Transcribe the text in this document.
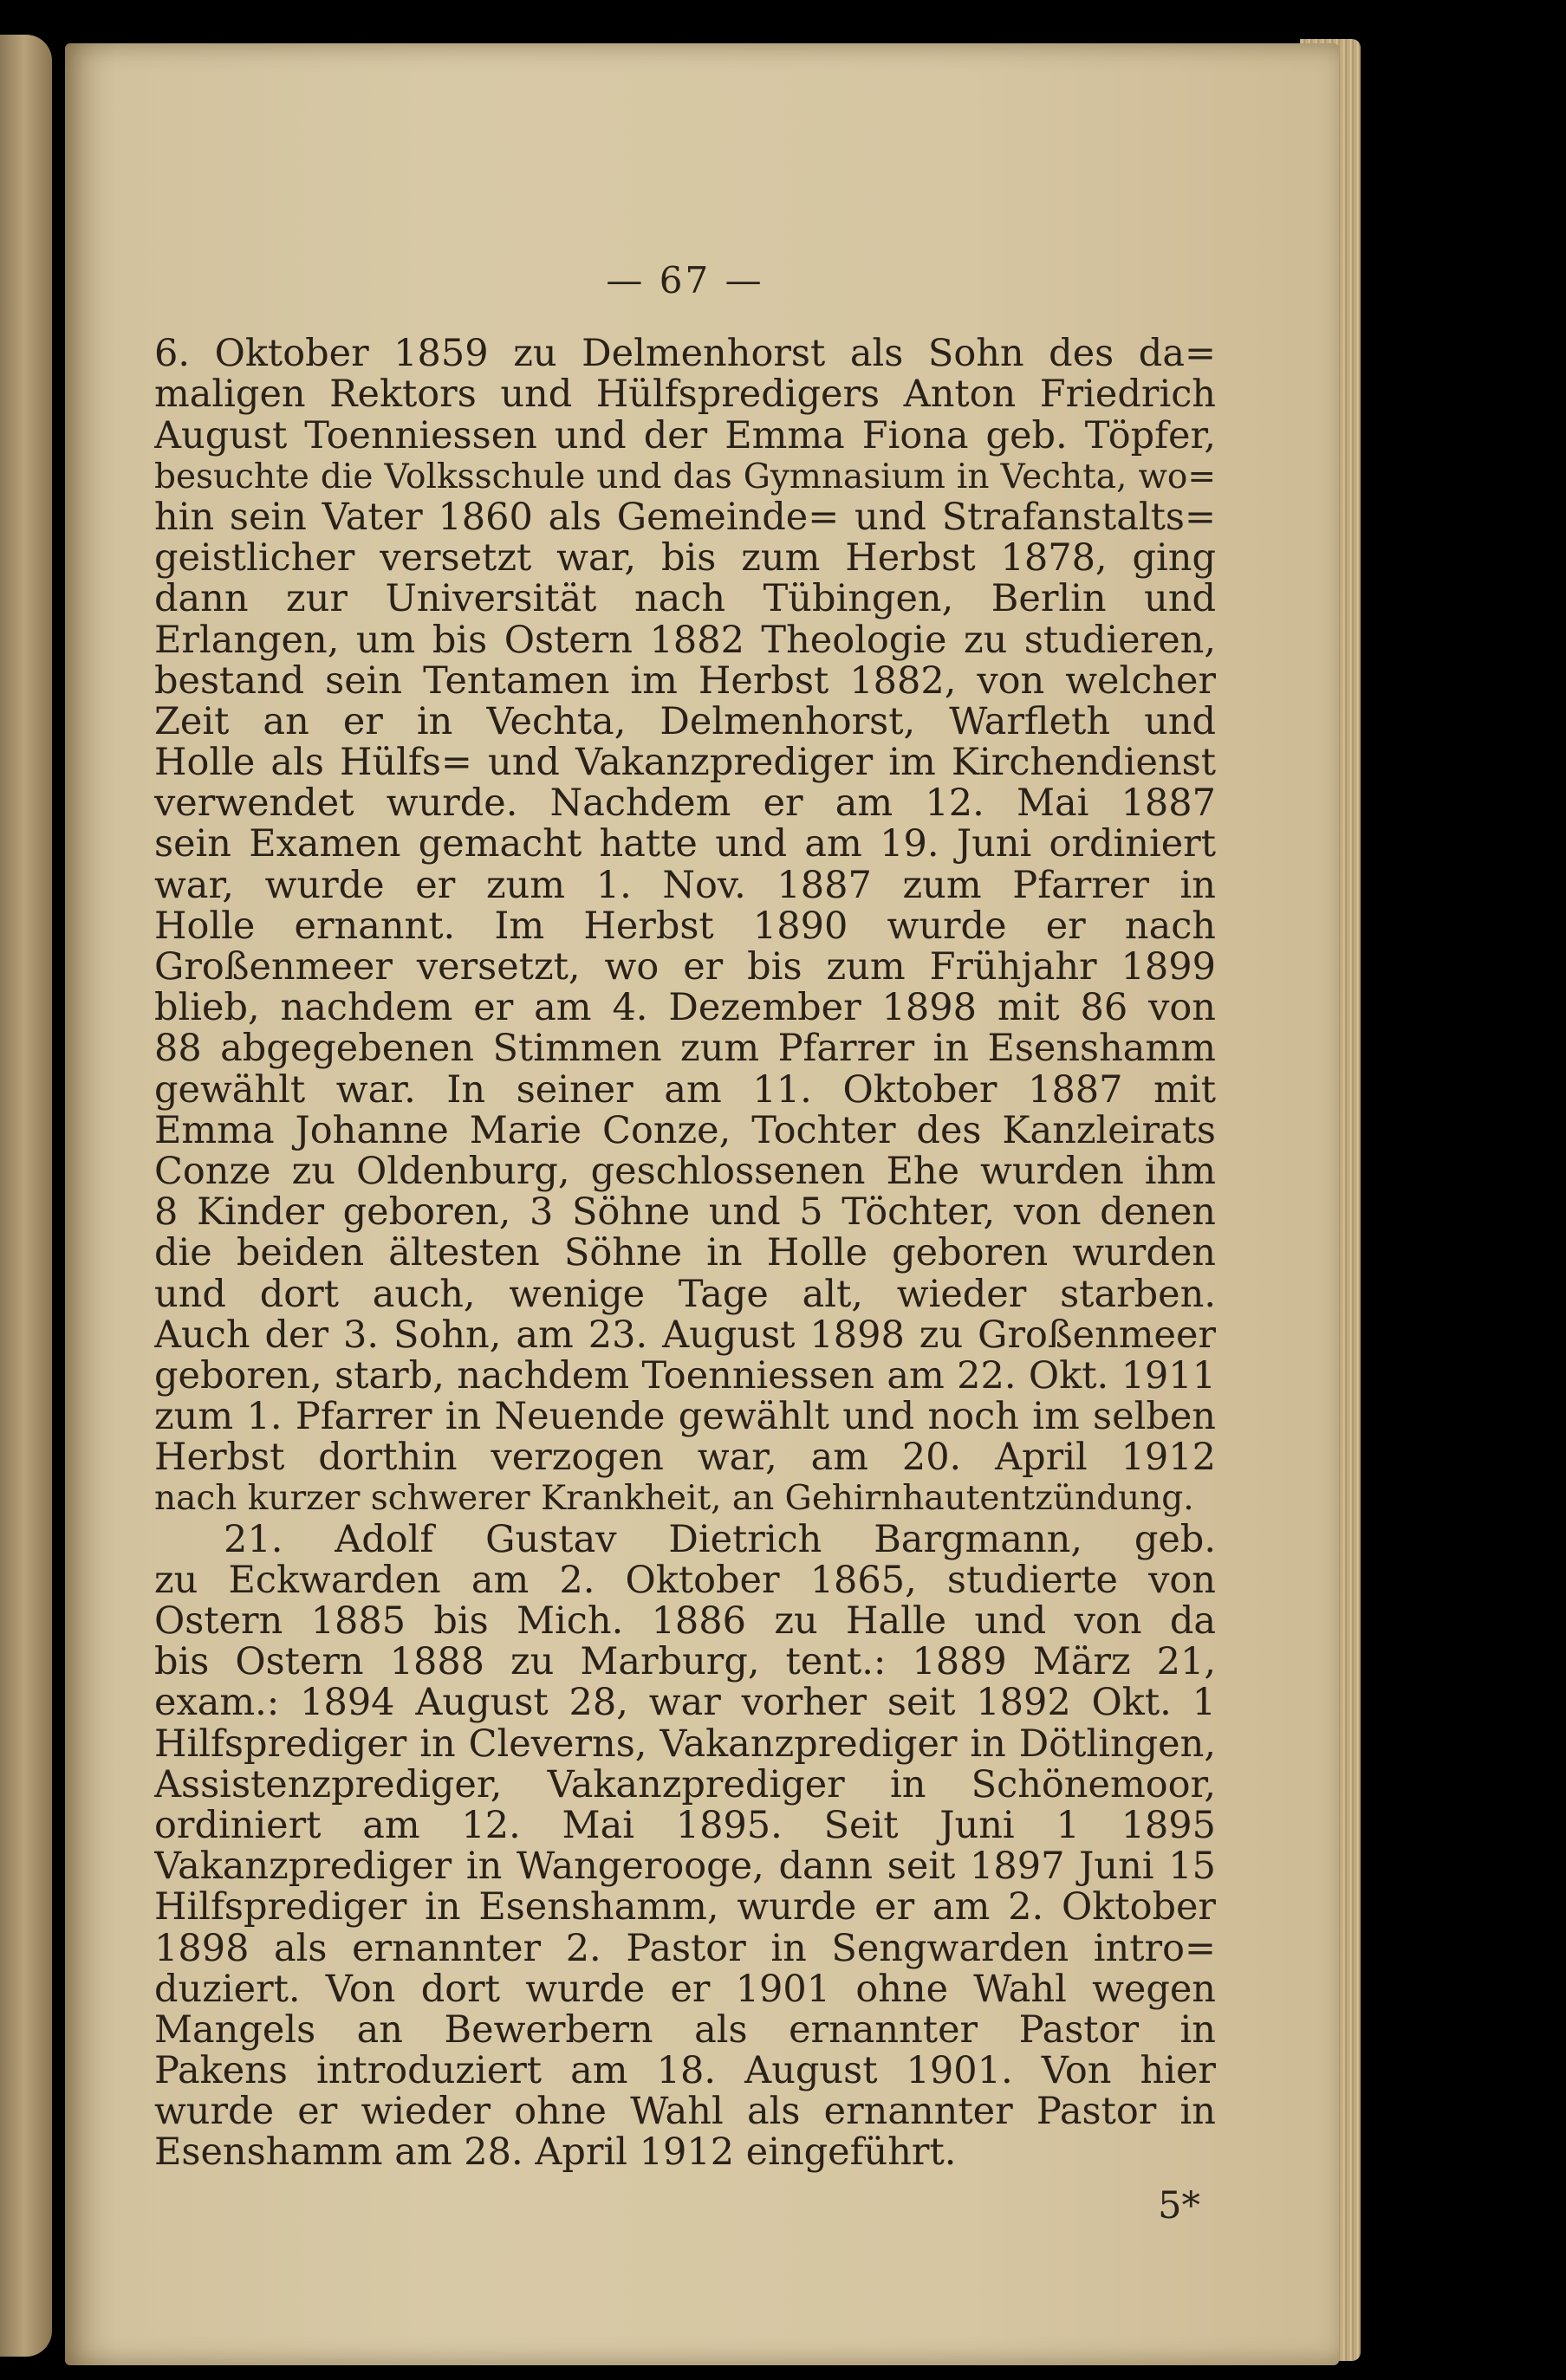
— 67 —
6. Oktober 1859 zu Delmenhorst als Sohn des da=
maligen Rektors und Hülfspredigers Anton Friedrich
August Toenniessen und der Emma Fiona geb. Töpfer,
besuchte die Volksschule und das Gymnasium in Vechta, wo=
hin sein Vater 1860 als Gemeinde= und Strafanstalts=
geistlicher versetzt war, bis zum Herbst 1878, ging
dann zur Universität nach Tübingen, Berlin und
Erlangen, um bis Ostern 1882 Theologie zu studieren,
bestand sein Tentamen im Herbst 1882, von welcher
Zeit an er in Vechta, Delmenhorst, Warfleth und
Holle als Hülfs= und Vakanzprediger im Kirchendienst
verwendet wurde. Nachdem er am 12. Mai 1887
sein Examen gemacht hatte und am 19. Juni ordiniert
war, wurde er zum 1. Nov. 1887 zum Pfarrer in
Holle ernannt. Im Herbst 1890 wurde er nach
Großenmeer versetzt, wo er bis zum Frühjahr 1899
blieb, nachdem er am 4. Dezember 1898 mit 86 von
88 abgegebenen Stimmen zum Pfarrer in Esenshamm
gewählt war. In seiner am 11. Oktober 1887 mit
Emma Johanne Marie Conze, Tochter des Kanzleirats
Conze zu Oldenburg, geschlossenen Ehe wurden ihm
8 Kinder geboren, 3 Söhne und 5 Töchter, von denen
die beiden ältesten Söhne in Holle geboren wurden
und dort auch, wenige Tage alt, wieder starben.
Auch der 3. Sohn, am 23. August 1898 zu Großenmeer
geboren, starb, nachdem Toenniessen am 22. Okt. 1911
zum 1. Pfarrer in Neuende gewählt und noch im selben
Herbst dorthin verzogen war, am 20. April 1912
nach kurzer schwerer Krankheit, an Gehirnhautentzündung.
21. Adolf Gustav Dietrich Bargmann, geb.
zu Eckwarden am 2. Oktober 1865, studierte von
Ostern 1885 bis Mich. 1886 zu Halle und von da
bis Ostern 1888 zu Marburg, tent.: 1889 März 21,
exam.: 1894 August 28, war vorher seit 1892 Okt. 1
Hilfsprediger in Cleverns, Vakanzprediger in Dötlingen,
Assistenzprediger, Vakanzprediger in Schönemoor,
ordiniert am 12. Mai 1895. Seit Juni 1 1895
Vakanzprediger in Wangerooge, dann seit 1897 Juni 15
Hilfsprediger in Esenshamm, wurde er am 2. Oktober
1898 als ernannter 2. Pastor in Sengwarden intro=
duziert. Von dort wurde er 1901 ohne Wahl wegen
Mangels an Bewerbern als ernannter Pastor in
Pakens introduziert am 18. August 1901. Von hier
wurde er wieder ohne Wahl als ernannter Pastor in
Esenshamm am 28. April 1912 eingeführt.
5*
